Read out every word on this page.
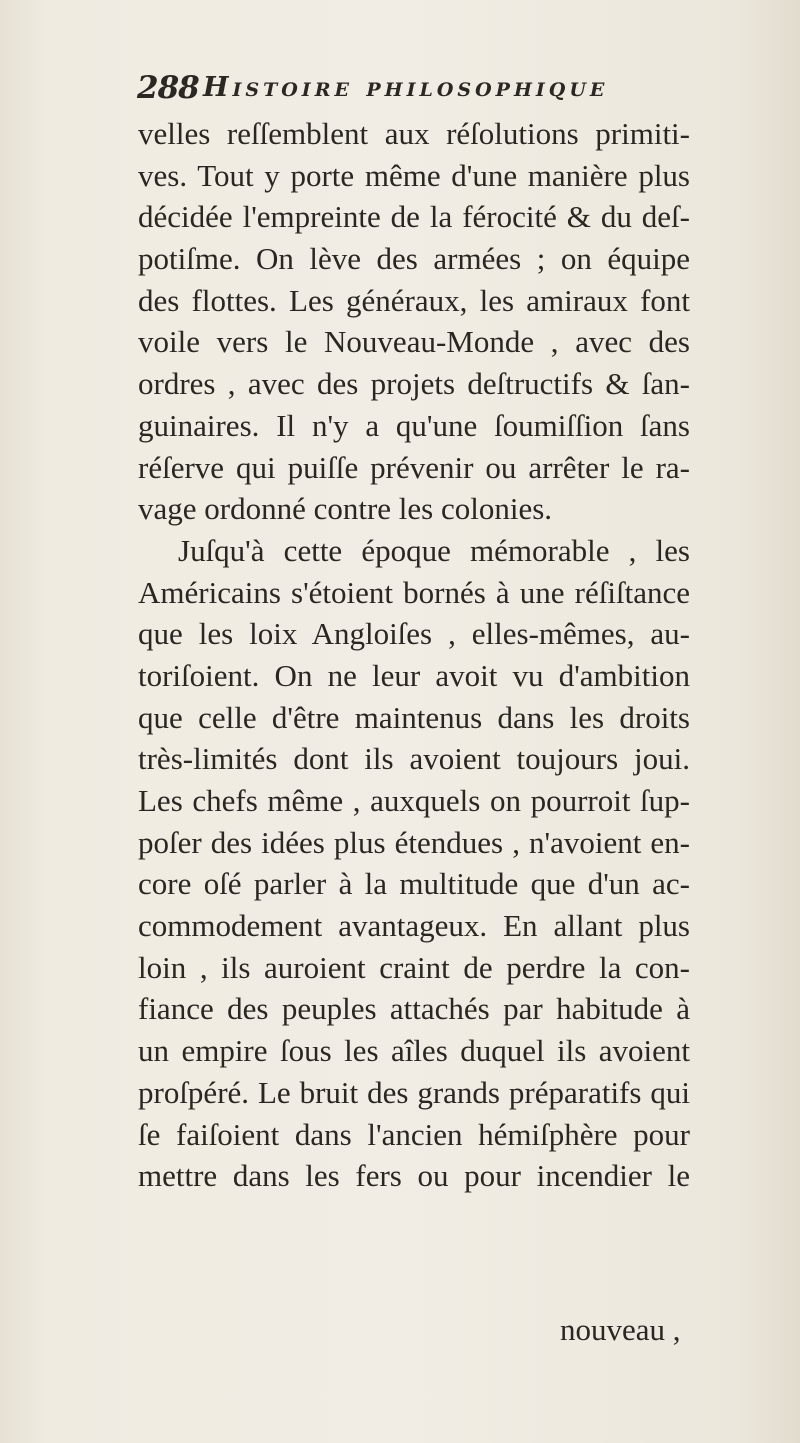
288 Histoire philosophique
velles reſſemblent aux réſolutions primiti-
ves. Tout y porte même d'une manière plus
décidée l'empreinte de la férocité & du deſ-
potiſme. On lève des armées ; on équipe
des flottes. Les généraux, les amiraux font
voile vers le Nouveau-Monde , avec des
ordres , avec des projets deſtructifs & ſan-
guinaires. Il n'y a qu'une ſoumiſſion ſans
réſerve qui puiſſe prévenir ou arrêter le ra-
vage ordonné contre les colonies.
Juſqu'à cette époque mémorable , les
Américains s'étoient bornés à une réſiſtance
que les loix Angloiſes , elles-mêmes, au-
toriſoient. On ne leur avoit vu d'ambition
que celle d'être maintenus dans les droits
très-limités dont ils avoient toujours joui.
Les chefs même , auxquels on pourroit ſup-
poſer des idées plus étendues , n'avoient en-
core oſé parler à la multitude que d'un ac-
commodement avantageux. En allant plus
loin , ils auroient craint de perdre la con-
fiance des peuples attachés par habitude à
un empire ſous les aîles duquel ils avoient
proſpéré. Le bruit des grands préparatifs qui
ſe faiſoient dans l'ancien hémiſphère pour
mettre dans les fers ou pour incendier le
nouveau ,
